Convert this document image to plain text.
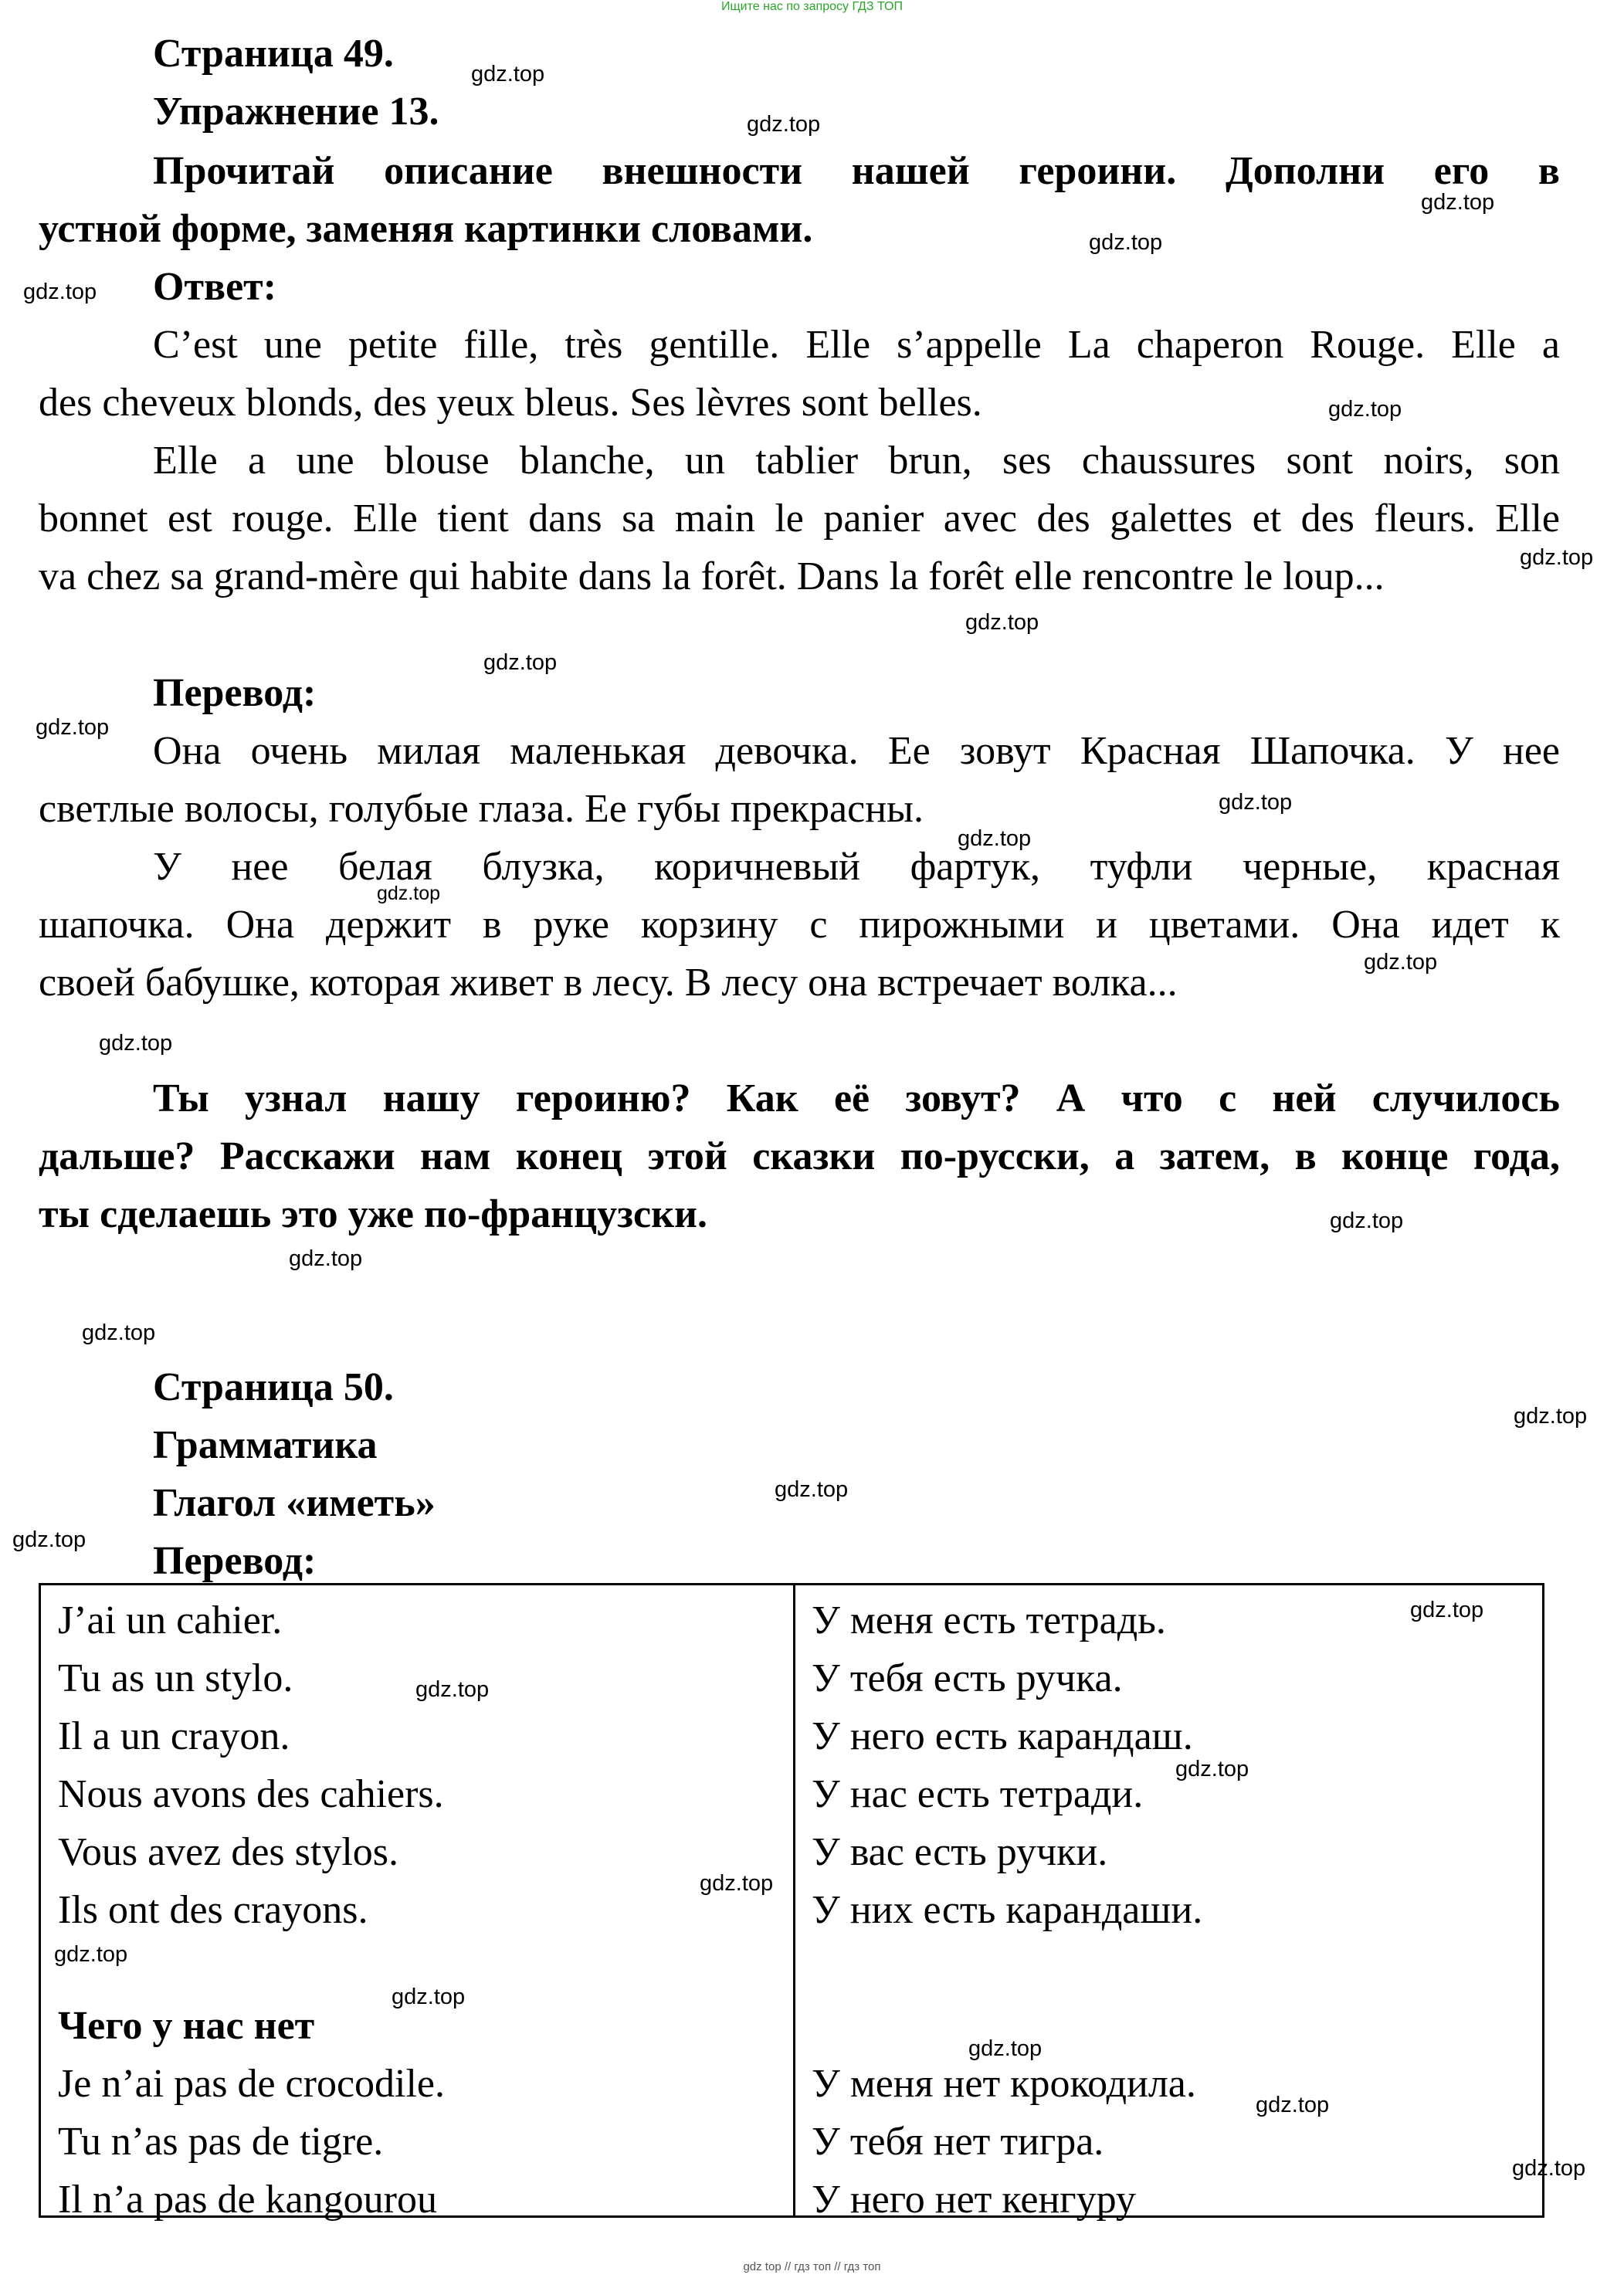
Ищите нас по запросу ГДЗ ТОП
Страница 49.
Упражнение 13.
Прочитай описание внешности нашей героини. Дополни его в
устной форме, заменяя картинки словами.
Ответ:
C’est une petite fille, très gentille. Elle s’appelle La chaperon Rouge. Elle a
des cheveux blonds, des yeux bleus. Ses lèvres sont belles.
Elle a une blouse blanche, un tablier brun, ses chaussures sont noirs, son
bonnet est rouge. Elle tient dans sa main le panier avec des galettes et des fleurs. Elle
va chez sa grand-mère qui habite dans la forêt. Dans la forêt elle rencontre le loup...
Перевод:
Она очень милая маленькая девочка. Ее зовут Красная Шапочка. У нее
светлые волосы, голубые глаза. Ее губы прекрасны.
У нее белая блузка, коричневый фартук, туфли черные, красная
шапочка. Она держит в руке корзину с пирожными и цветами. Она идет к
своей бабушке, которая живет в лесу. В лесу она встречает волка...
Ты узнал нашу героиню? Как её зовут? А что с ней случилось
дальше? Расскажи нам конец этой сказки по-русски, а затем, в конце года,
ты сделаешь это уже по-французски.
Страница 50.
Грамматика
Глагол «иметь»
Перевод:
J’ai un cahier.	У меня есть тетрадь.
Tu as un stylo.	У тебя есть ручка.
Il a un crayon.	У него есть карандаш.
Nous avons des cahiers.	У нас есть тетради.
Vous avez des stylos.	У вас есть ручки.
Ils ont des crayons.	У них есть карандаши.
Чего у нас нет
Je n’ai pas de crocodile.	У меня нет крокодила.
Tu n’as pas de tigre.	У тебя нет тигра.
Il n’a pas de kangourou	У него нет кенгуру
gdz.top
gdz.top
gdz.top
gdz.top
gdz.top
gdz.top
gdz.top
gdz.top
gdz.top
gdz.top
gdz.top
gdz.top
gdz.top
gdz.top
gdz.top
gdz.top
gdz.top
gdz.top
gdz.top
gdz.top
gdz.top
gdz.top
gdz.top
gdz.top
gdz.top
gdz.top
gdz.top
gdz.top
gdz.top
gdz.top
gdz top // гдз топ // гдз топ
